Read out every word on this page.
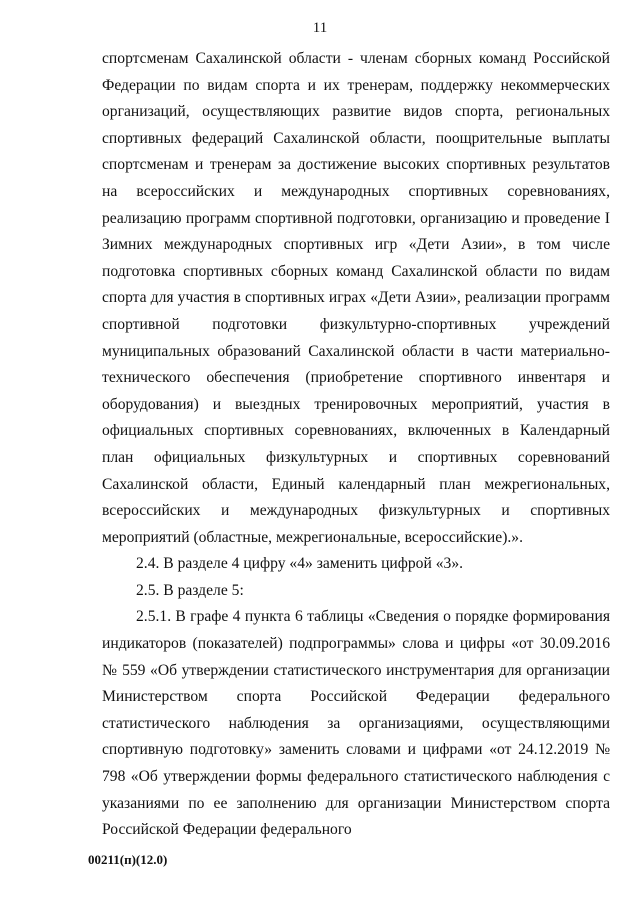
11

спортсменам Сахалинской области - членам сборных команд Российской Федерации по видам спорта и их тренерам, поддержку некоммерческих организаций, осуществляющих развитие видов спорта, региональных спортивных федераций Сахалинской области, поощрительные выплаты спортсменам и тренерам за достижение высоких спортивных результатов на всероссийских и международных спортивных соревнованиях, реализацию программ спортивной подготовки, организацию и проведение I Зимних международных спортивных игр «Дети Азии», в том числе подготовка спортивных сборных команд Сахалинской области по видам спорта для участия в спортивных играх «Дети Азии», реализации программ спортивной подготовки физкультурно-спортивных учреждений муниципальных образований Сахалинской области в части материально-технического обеспечения (приобретение спортивного инвентаря и оборудования) и выездных тренировочных мероприятий, участия в официальных спортивных соревнованиях, включенных в Календарный план официальных физкультурных и спортивных соревнований Сахалинской области, Единый календарный план межрегиональных, всероссийских и международных физкультурных и спортивных мероприятий (областные, межрегиональные, всероссийские).».

2.4. В разделе 4 цифру «4» заменить цифрой «3».

2.5. В разделе 5:

2.5.1. В графе 4 пункта 6 таблицы «Сведения о порядке формирования индикаторов (показателей) подпрограммы» слова и цифры «от 30.09.2016 № 559 «Об утверждении статистического инструментария для организации Министерством спорта Российской Федерации федерального статистического наблюдения за организациями, осуществляющими спортивную подготовку» заменить словами и цифрами «от 24.12.2019 № 798 «Об утверждении формы федерального статистического наблюдения с указаниями по ее заполнению для организации Министерством спорта Российской Федерации федерального

00211(п)(12.0)
